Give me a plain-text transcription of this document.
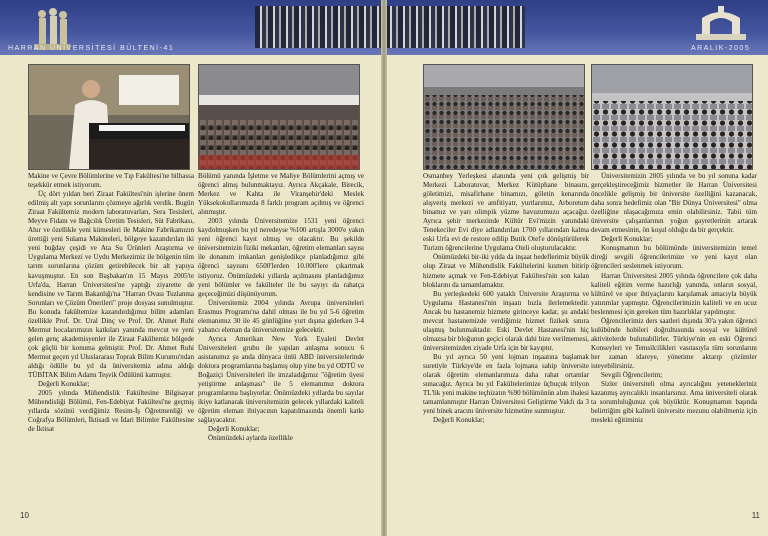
HARRAN ÜNİVERSİTESİ BÜLTENİ-41

Makine ve Çevre Bölümlerine ve Tıp Fakültesi'ne bilhassa teşekkür etmek istiyorum.

Üç dört yıldan beri Ziraat Fakültesi'nin işlerine önem edilmiş alt yapı sorunlarını çözmeye ağırlık verdik. Bugün Ziraat Fakültemiz modern laboratuvarları, Sera Tesisleri, Meyve Fidanı ve Bağcılık Üretim Tesisleri, Süt Fabrikası, Ahır ve özellikle yeni kümesleri ile Makine Fabrikamızın ürettiği yeni Sulama Makineleri, bölgeye kazandırılan iki yeni buğday çeşidi ve Ata Su Ürünleri Araştırma ve Uygulama Merkezi ve Uydu Merkezimiz ile bölgenin tüm tarım sorunlarına çözüm getirebilecek bir alt yapıya kavuşmuştur. En son Başbakan'ın 15 Mayıs 2005'te Urfa'da, Harran Üniversitesi'ne yaptığı ziyarette de kendisine ve Tarım Bakanlığı'na "Harran Ovası Tuzlanma Sorunları ve Çözüm Önerileri" proje dosyası sunulmuştur. Bu konuda fakültemize kazandırdığımız bilim adamları özellikle Prof. Dr. Ural Dinç ve Prof. Dr. Ahmet Ruhi Mermut hocalarımızın katkıları yanında mevcut ve yeni gelen genç akademisyenler ile Ziraat Fakültemiz bölgede çok güçlü bir konuma gelmiştir. Prof. Dr. Ahmet Ruhi Mermut geçen yıl Uluslararası Toprak Bilim Kurumu'ndan aldığı ödülle bu yıl da üniversitemiz adına aldığı TÜBİTAK Bilim Adamı Teşvik Ödülünü katmıştır.

Değerli Konuklar;

2005 yılında Mühendislik Fakültesine Bilgisayar Mühendisliği Bölümü, Fen-Edebiyat Fakültesi'ne geçmiş yıllarda sözünü verdiğimiz Resim-İş Öğretmenliği ve Coğrafya Bölümleri, İktisadi ve İdari Bilimler Fakültesine de İktisat

Bölümü yanında İşletme ve Maliye Bölümlerini açmış ve öğrenci almış bulunmaktayız. Ayrıca Akçakale, Birecik, Merkez ve Kahta ile Viranşehir'deki Meslek Yüksekokullarımızda 8 farklı program açılmış ve öğrenci alınmıştır.

2003 yılında Üniversitemize 1531 yeni öğrenci kaydolmuşken bu yıl neredeyse %100 artışla 3000'e yakın yeni öğrenci kayıt olmuş ve olacaktır. Bu şekilde üniversitemizin fiziki mekanları, öğretim elemanları sayısı ile donanım imkanları genişledikçe planladığımız gibi öğrenci sayısını 6500'lerden 10.000'lere çıkartmak istiyoruz. Önümüzdeki yıllarda açılmasını planladığımız yeni bölümler ve fakülteler ile bu sayıyı da rahatça geçeceğimizi düşünüyorum.

Üniversitemiz 2004 yılında Avrupa üniversiteleri Erasmus Programı'na dahil olması ile bu yıl 5-6 öğretim elemanımız 30 ile 45 günlüğüne yurt dışına giderken 3-4 yabancı eleman da üniversitemize gelecektir.

Ayrıca Amerikan New York Eyaleti Devlet Üniversiteleri grubu ile yapılan anlaşma sonucu 6 asistanımız şu anda dünyaca ünlü ABD üniversitelerinde doktora programlarına başlamış olup yine bu yıl ODTÜ ve Boğaziçi Üniversiteleri ile imzaladığımız "öğretim üyesi yetiştirme anlaşması" ile 5 elemanımız doktora programlarına başlıyorlar. Önümüzdeki yıllarda bu sayılar ikiye katlanarak üniversitemizin gelecek yıllardaki kaliteli öğretim eleman ihtiyacının kapatılmasında önemli katkı sağlayacaktır.

Değerli Konuklar;

Önümüzdeki aylarda özellikle

10
ARALIK-2005

Osmanbey Yerleşkesi alanında yeni çok gelişmiş bir Merkezi Laboratuvar, Merkez Kütüphane binasını, göletimizi, misafirhane binamızı, göletin kenarında alışveriş merkezi ve amfitiyatr, yurtlarımız, Arboretum binamız ve yarı olimpik yüzme havuzumuzu açacağız. Ayrıca şehir merkezinde Kültür Evi'mizin yanındaki Tenekeciler Evi diye adlandırılan 1700 yıllarından kalma eski Urfa evi de restore edilip Butik Otel'e dönüştürülerek Turizm öğrencilerine Uygulama Oteli oluşturulacaktır.

Önümüzdeki bir-iki yılda da inşaat hedeflerimiz büyük olup Ziraat ve Mühendislik Fakültelerini kısmen bitirip hizmete açmak ve Fen-Edebiyat Fakültesi'nin son kalan bloklarını da tamamlamaktır.

Bu yerleşkedeki 600 yataklı Üniversite Araştırma ve Uygulama Hastanesi'nin inşaatı hızla ilerlemektedir. Ancak bu hastanemiz hizmete girinceye kadar, şu andaki mevcut hastanemizde verdiğimiz hizmet fizikek sınıra ulaşmış bulunmaktadır. Eski Devlet Hastanesi'nin hiç olmazsa bir bloğunun geçici olarak dahi bize verilmemesi, üniversitemizden ziyade Urfa için bir kayıptır.

Bu yıl ayrıca 50 yeni lojman inşaatına başlamak suretiyle Türkiye'de en fazla lojmana sahip üniversite olarak öğretim elemanlarımıza daha rahat ortamlar sunacağız. Ayrıca bu yıl Fakültelerimize üçbuçuk trilyon TL'lik yeni makine teçhizatın %90 bölümünün alım ihalesi tamamlanmıştır Harran Üniversitesi Geliştirme Vakfı da 3 yeni binek aracını üniversite hizmetine sunmuştur.

Değerli Konuklar;

Üniversitemizin 2005 yılında ve bu yıl sonuna kadar gerçekleştireceğimiz hizmetler ile Harran Üniversitesi öncelikle gelişmiş bir üniversite özelliğini kazanacak, daha sonra hedefimiz olan "Bir Dünya Üniversitesi" olma özelliğine ulaşacağımıza emin olabilirsiniz. Tabii tüm üniversite çalışanlarının yoğun gayretlerinin artarak devam etmesinin, ön koşul olduğu da bir gerçektir.

Değerli Konuklar;

Konuşmamın bu bölümünde üniversitemizin temel direği sevgili öğrencilerimize ve yeni kayıt olan öğrencileri seslenmek istiyorum.

Harran Üniversitesi 2005 yılında öğrencilere çok daha kaliteli eğitim verme hazırlığı yanında, onların sosyal, kültürel ve spor ihtiyaçlarını karşılamak amacıyla büyük yatırımlar yapmıştır. Öğrencilerimizin kaliteli ve en ucuz beslenmesi için gereken tüm hazırlıklar yapılmıştır.

Öğrencilerimiz ders saatleri dışında 30'a yakın öğrenci kulübünde hobileri doğrultusunda sosyal ve kültürel aktivitelerde bulunabilirler. Türkiye'nin en eski Öğrenci Konseyleri ve Temsilcilikleri vasıtasıyla tüm sorunlarını her zaman idareye, yönetime aktarıp çözümler isteyebilirsiniz.

Sevgili Öğrencilerim;

Sizler üniversiteli olma ayrıcalığını yetenekleriniz kazanmış ayrıcalıklı insanlarsınız. Ama üniversiteli olarak ta sorumluluğunuz çok büyüktür. Konuşmamın başında belirttiğim gibi kaliteli üniversite mezunu olabilmeniz için mesleki eğitiminiz

11
